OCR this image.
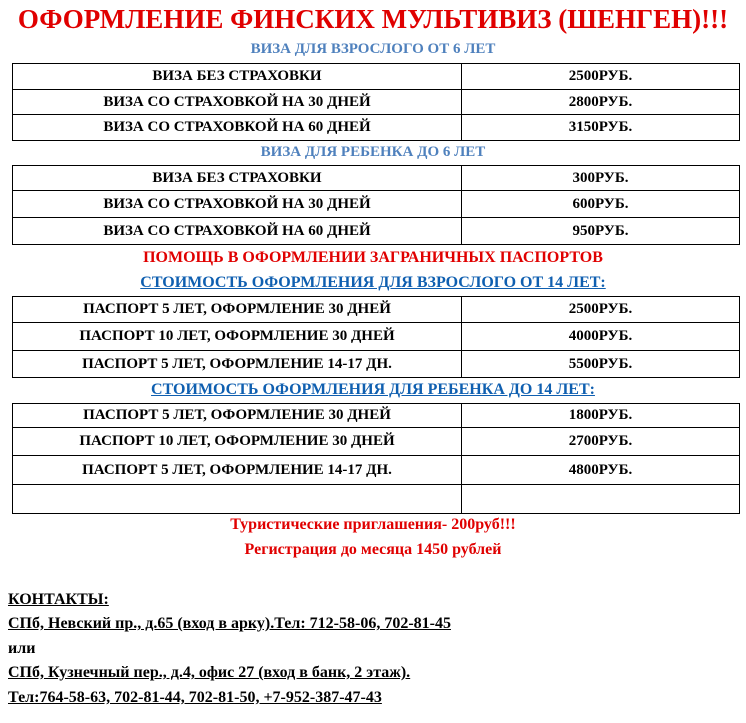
ОФОРМЛЕНИЕ ФИНСКИХ МУЛЬТИВИЗ (ШЕНГЕН)!!!
ВИЗА ДЛЯ ВЗРОСЛОГО ОТ 6 ЛЕТ
ВИЗА БЕЗ СТРАХОВКИ	2500РУБ.
ВИЗА СО СТРАХОВКОЙ НА 30 ДНЕЙ	2800РУБ.
ВИЗА СО СТРАХОВКОЙ НА 60 ДНЕЙ	3150РУБ.
ВИЗА ДЛЯ РЕБЕНКА ДО 6 ЛЕТ
ВИЗА БЕЗ СТРАХОВКИ	300РУБ.
ВИЗА СО СТРАХОВКОЙ НА 30 ДНЕЙ	600РУБ.
ВИЗА СО СТРАХОВКОЙ НА 60 ДНЕЙ	950РУБ.
ПОМОЩЬ В ОФОРМЛЕНИИ ЗАГРАНИЧНЫХ ПАСПОРТОВ
СТОИМОСТЬ ОФОРМЛЕНИЯ ДЛЯ ВЗРОСЛОГО ОТ 14 ЛЕТ:
ПАСПОРТ 5 ЛЕТ, ОФОРМЛЕНИЕ 30 ДНЕЙ	2500РУБ.
ПАСПОРТ 10 ЛЕТ, ОФОРМЛЕНИЕ 30 ДНЕЙ	4000РУБ.
ПАСПОРТ 5 ЛЕТ, ОФОРМЛЕНИЕ 14-17 ДН.	5500РУБ.
СТОИМОСТЬ ОФОРМЛЕНИЯ ДЛЯ РЕБЕНКА ДО 14 ЛЕТ:
ПАСПОРТ 5 ЛЕТ, ОФОРМЛЕНИЕ 30 ДНЕЙ	1800РУБ.
ПАСПОРТ 10 ЛЕТ, ОФОРМЛЕНИЕ 30 ДНЕЙ	2700РУБ.
ПАСПОРТ 5 ЛЕТ, ОФОРМЛЕНИЕ 14-17 ДН.	4800РУБ.

Туристические приглашения- 200руб!!!
Регистрация до месяца 1450 рублей
КОНТАКТЫ:
СПб, Невский пр., д.65 (вход в арку).Тел: 712-58-06, 702-81-45
или
СПб, Кузнечный пер., д.4, офис 27 (вход в банк, 2 этаж).
Тел:764-58-63, 702-81-44, 702-81-50, +7-952-387-47-43
